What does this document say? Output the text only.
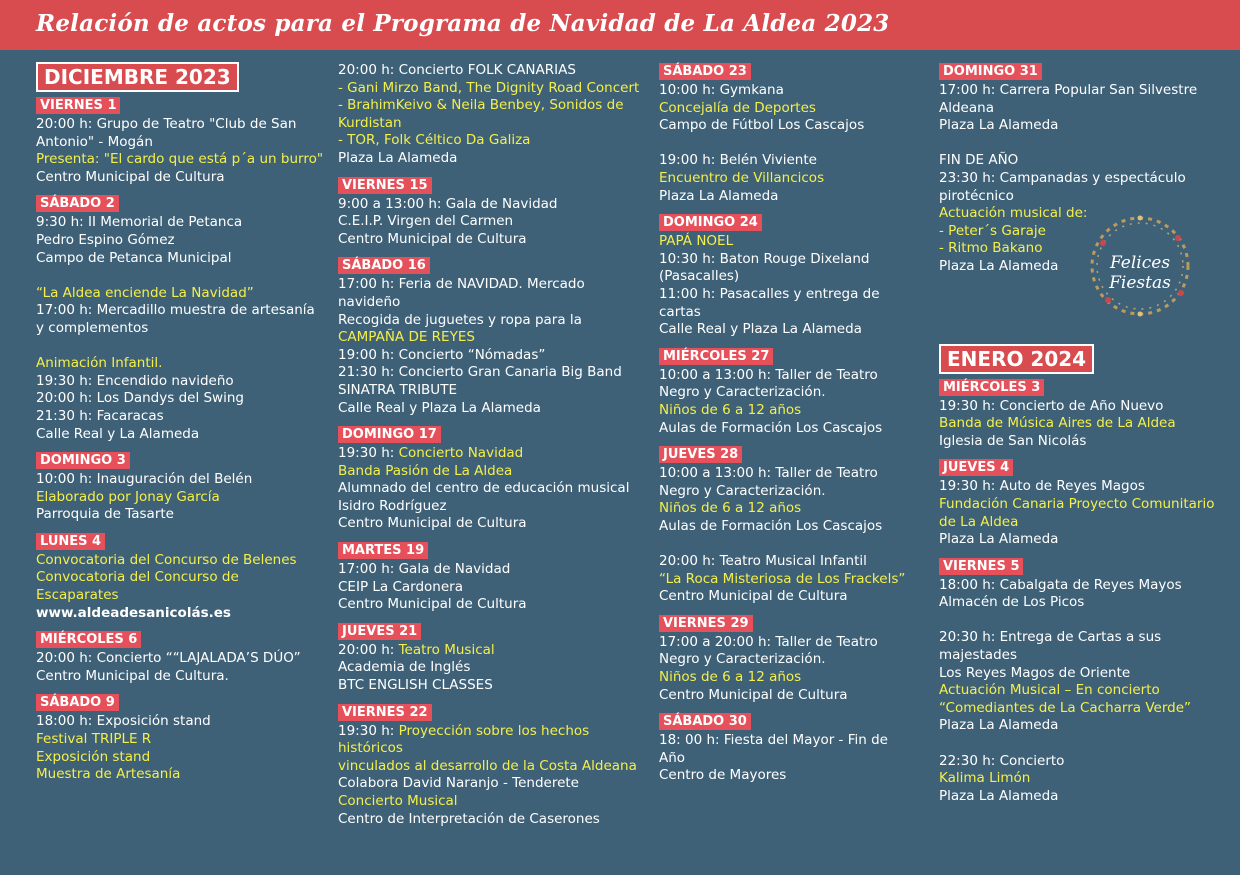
Relación de actos para el Programa de Navidad de La Aldea 2023
DICIEMBRE 2023
VIERNES 1
20:00 h: Grupo de Teatro "Club de San
Antonio" - Mogán
Presenta: "El cardo que está p´a un burro"
Centro Municipal de Cultura
SÁBADO 2
9:30 h: II Memorial de Petanca
Pedro Espino Gómez
Campo de Petanca Municipal
“La Aldea enciende La Navidad”
17:00 h: Mercadillo muestra de artesanía
y complementos
Animación Infantil.
19:30 h: Encendido navideño
20:00 h: Los Dandys del Swing
21:30 h: Facaracas
Calle Real y La Alameda
DOMINGO 3
10:00 h: Inauguración del Belén
Elaborado por Jonay García
Parroquia de Tasarte
LUNES 4
Convocatoria del Concurso de Belenes
Convocatoria del Concurso de
Escaparates
www.aldeadesanicolás.es
MIÉRCOLES 6
20:00 h: Concierto ““LAJALADA’S DÚO”
Centro Municipal de Cultura.
SÁBADO 9
18:00 h: Exposición stand
Festival TRIPLE R
Exposición stand
Muestra de Artesanía
20:00 h: Concierto FOLK CANARIAS
- Gani Mirzo Band, The Dignity Road Concert
- BrahimKeivo & Neila Benbey, Sonidos de
Kurdistan
- TOR, Folk Céltico Da Galiza
Plaza La Alameda
VIERNES 15
9:00 a 13:00 h: Gala de Navidad
C.E.I.P. Virgen del Carmen
Centro Municipal de Cultura
SÁBADO 16
17:00 h: Feria de NAVIDAD. Mercado navideño
Recogida de juguetes y ropa para la
CAMPAÑA DE REYES
19:00 h: Concierto “Nómadas”
21:30 h: Concierto Gran Canaria Big Band
SINATRA TRIBUTE
Calle Real y Plaza La Alameda
DOMINGO 17
19:30 h: Concierto Navidad
Banda Pasión de La Aldea
Alumnado del centro de educación musical
Isidro Rodríguez
Centro Municipal de Cultura
MARTES 19
17:00 h: Gala de Navidad
CEIP La Cardonera
Centro Municipal de Cultura
JUEVES 21
20:00 h: Teatro Musical
Academia de Inglés
BTC ENGLISH CLASSES
VIERNES 22
19:30 h: Proyección sobre los hechos históricos
vinculados al desarrollo de la Costa Aldeana
Colabora David Naranjo - Tenderete
Concierto Musical
Centro de Interpretación de Caserones
SÁBADO 23
10:00 h: Gymkana
Concejalía de Deportes
Campo de Fútbol Los Cascajos
19:00 h: Belén Viviente
Encuentro de Villancicos
Plaza La Alameda
DOMINGO 24
PAPÁ NOEL
10:30 h: Baton Rouge Dixeland
(Pasacalles)
11:00 h: Pasacalles y entrega de
cartas
Calle Real y Plaza La Alameda
MIÉRCOLES 27
10:00 a 13:00 h: Taller de Teatro
Negro y Caracterización.
Niños de 6 a 12 años
Aulas de Formación Los Cascajos
JUEVES 28
10:00 a 13:00 h: Taller de Teatro
Negro y Caracterización.
Niños de 6 a 12 años
Aulas de Formación Los Cascajos
20:00 h: Teatro Musical Infantil
“La Roca Misteriosa de Los Frackels”
Centro Municipal de Cultura
VIERNES 29
17:00 a 20:00 h: Taller de Teatro
Negro y Caracterización.
Niños de 6 a 12 años
Centro Municipal de Cultura
SÁBADO 30
18: 00 h: Fiesta del Mayor - Fin de
Año
Centro de Mayores
DOMINGO 31
17:00 h: Carrera Popular San Silvestre
Aldeana
Plaza La Alameda
FIN DE AÑO
23:30 h: Campanadas y espectáculo
pirotécnico
Actuación musical de:
- Peter´s Garaje
- Ritmo Bakano
Plaza La Alameda
ENERO 2024
MIÉRCOLES 3
19:30 h: Concierto de Año Nuevo
Banda de Música Aires de La Aldea
Iglesia de San Nicolás
JUEVES 4
19:30 h: Auto de Reyes Magos
Fundación Canaria Proyecto Comunitario
de La Aldea
Plaza La Alameda
VIERNES 5
18:00 h: Cabalgata de Reyes Mayos
Almacén de Los Picos
20:30 h: Entrega de Cartas a sus
majestades
Los Reyes Magos de Oriente
Actuación Musical – En concierto
“Comediantes de La Cacharra Verde”
Plaza La Alameda
22:30 h: Concierto
Kalima Limón
Plaza La Alameda
Felices
Fiestas
